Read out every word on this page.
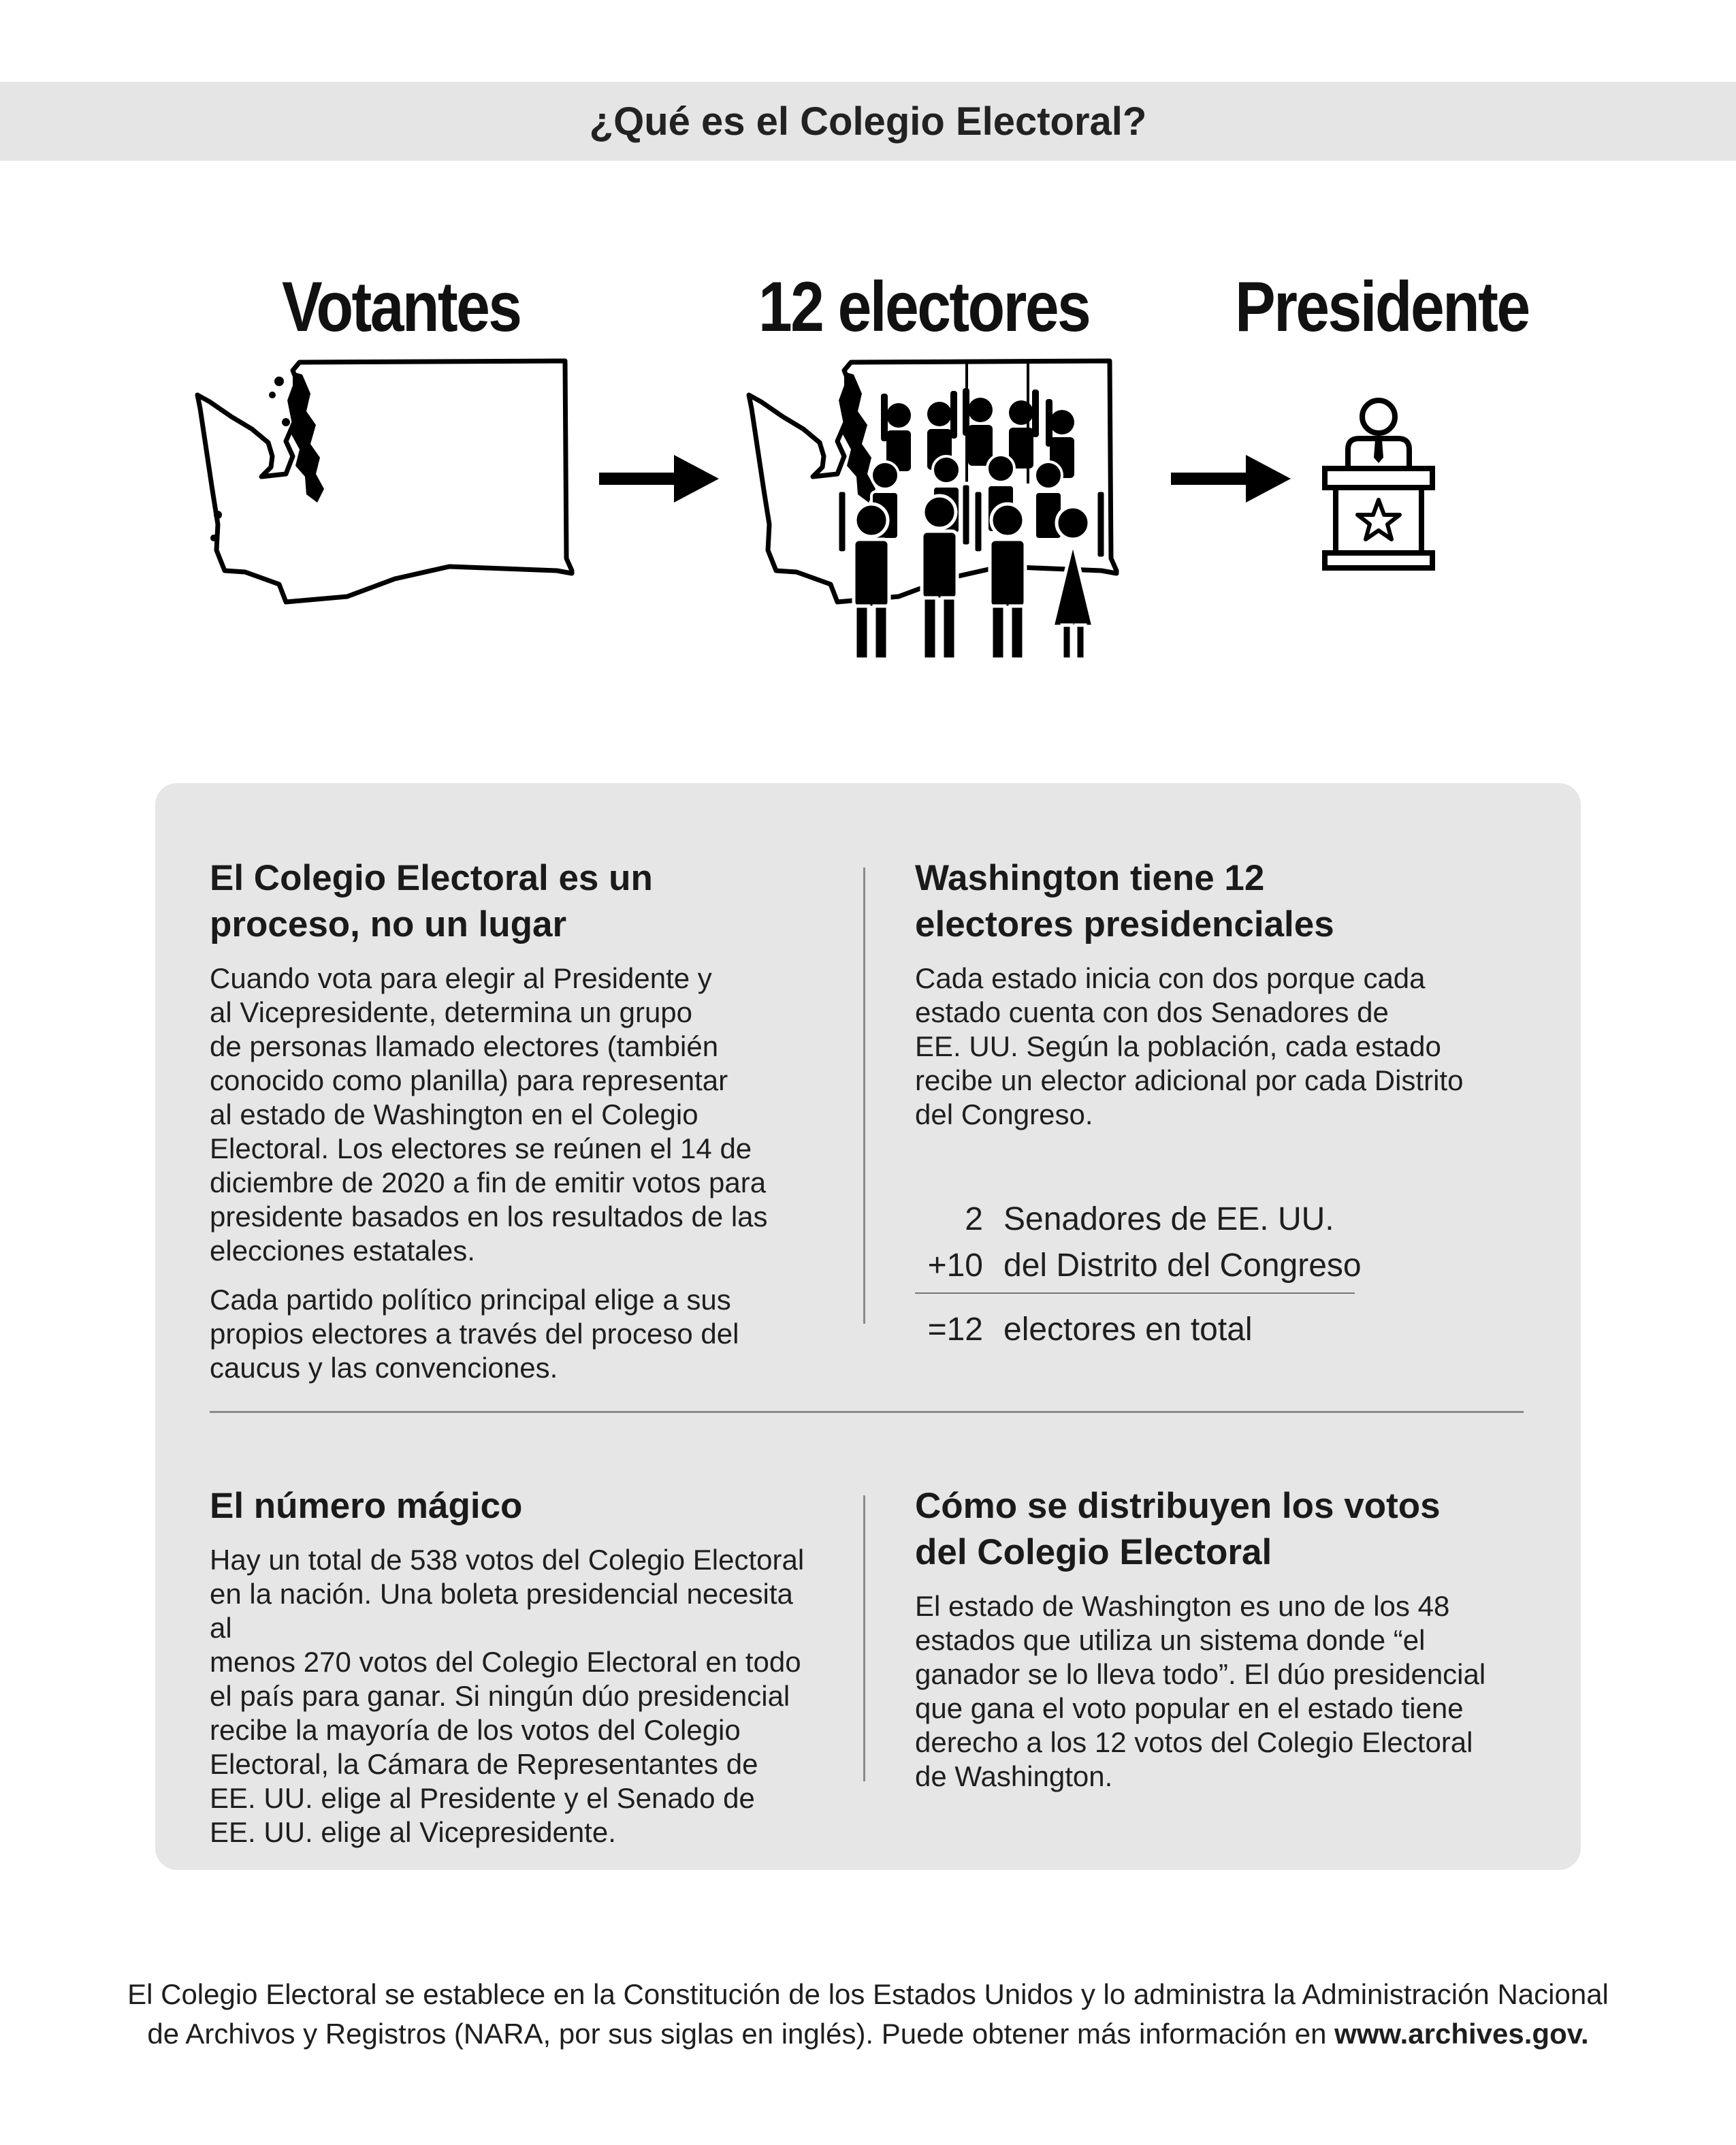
¿Qué es el Colegio Electoral?
Votantes	12 electores Presidente
El Colegio Electoral es un
proceso, no un lugar

Cuando vota para elegir al Presidente y
al Vicepresidente, determina un grupo
de personas llamado electores (también
conocido como planilla) para representar
al estado de Washington en el Colegio
Electoral. Los electores se reúnen el 14 de
diciembre de 2020 a fin de emitir votos para
presidente basados en los resultados de las
elecciones estatales.

Cada partido político principal elige a sus
propios electores a través del proceso del
caucus y las convenciones.

Washington tiene 12
electores presidenciales

Cada estado inicia con dos porque cada
estado cuenta con dos Senadores de
EE. UU. Según la población, cada estado
recibe un elector adicional por cada Distrito
del Congreso.

2 Senadores de EE. UU.
+10 del Distrito del Congreso
=12 electores en total
El número mágico

Hay un total de 538 votos del Colegio Electoral
en la nación. Una boleta presidencial necesita al
menos 270 votos del Colegio Electoral en todo
el país para ganar. Si ningún dúo presidencial
recibe la mayoría de los votos del Colegio
Electoral, la Cámara de Representantes de
EE. UU. elige al Presidente y el Senado de
EE. UU. elige al Vicepresidente.

Cómo se distribuyen los votos
del Colegio Electoral

El estado de Washington es uno de los 48
estados que utiliza un sistema donde “el
ganador se lo lleva todo”. El dúo presidencial
que gana el voto popular en el estado tiene
derecho a los 12 votos del Colegio Electoral
de Washington.

El Colegio Electoral se establece en la Constitución de los Estados Unidos y lo administra la Administración Nacional
de Archivos y Registros (NARA, por sus siglas en inglés). Puede obtener más información en www.archives.gov.
